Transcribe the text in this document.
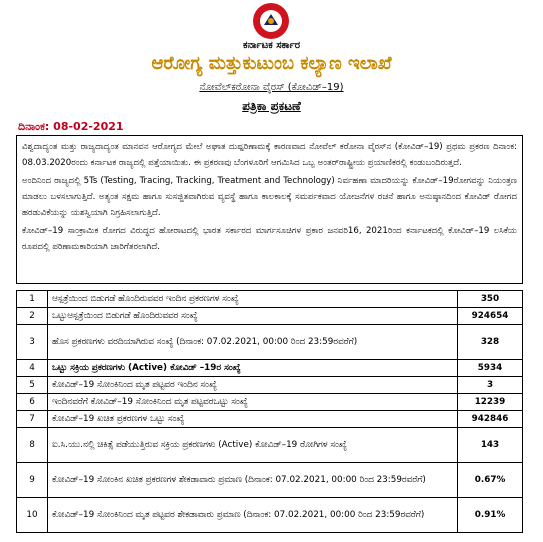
ಕರ್ನಾಟಕ ಸರ್ಕಾರ
ಆರೋಗ್ಯ ಮತ್ತುಕುಟುಂಬ ಕಲ್ಯಾಣ ಇಲಾಖೆ
ನೋವೆಲ್‌ಕರೋನಾ ವೈರಸ್ (ಕೋವಿಡ್–19)
ಪತ್ರಿಕಾ ಪ್ರಕಟಣೆ
ದಿನಾಂಕ: 08-02-2021

ವಿಶ್ವದಾದ್ಯಂತ ಮತ್ತು ರಾಜ್ಯದಾದ್ಯಂತ ಮಾನವನ ಆರೋಗ್ಯದ ಮೇಲೆ ಅಘಾತ ದುಷ್ಪರಿಣಾಮಕ್ಕೆ ಕಾರಣವಾದ ನೋವೆಲ್ ಕರೋನಾ ವೈರಸ್‌ನ (ಕೋವಿಡ್–19) ಪ್ರಥಮ ಪ್ರಕರಣ ದಿನಾಂಕ: 08.03.2020ರಂದು ಕರ್ನಾಟಕ ರಾಜ್ಯದಲ್ಲಿ ಪತ್ತೆಯಾಯಿತು. ಈ ಪ್ರಕರಣವು ಬೆಂಗಳೂರಿಗೆ ಆಗಮಿಸಿದ ಒಬ್ಬ ಅಂತರ್‌ರಾಷ್ಟ್ರೀಯ ಪ್ರಯಾಣಿಕರಲ್ಲಿ ಕಂಡುಬಂದಿರುತ್ತದೆ.

ಅಂದಿನಿಂದ ರಾಜ್ಯದಲ್ಲಿ 5Ts (Testing, Tracing, Tracking, Treatment and Technology) ನಿರ್ವಹಣಾ ಮಾದರಿಯನ್ನು ಕೋವಿಡ್–19ರೋಗವನ್ನು ನಿಯಂತ್ರಣ ಮಾಡಲು ಬಳಸಲಾಗುತ್ತಿದೆ. ಅತ್ಯಂತ ಸಕ್ಷಮ ಹಾಗೂ ಸುಸಜ್ಜಿತವಾಗಿರುವ ವ್ಯವಸ್ಥೆ ಹಾಗೂ ಕಾಲಕಾಲಕ್ಕೆ ಸಮರ್ಪಕವಾದ ಯೋಜನೆಗಳ ರಚನೆ ಹಾಗೂ ಅನುಷ್ಠಾನದಿಂದ ಕೋವಿಡ್ ರೋಗದ ಹರಡುವಿಕೆಯನ್ನು ಯಶಸ್ವಿಯಾಗಿ ನಿಗ್ರಹಿಸಲಾಗುತ್ತಿದೆ.

ಕೋವಿಡ್–19 ಸಾಂಕ್ರಾಮಿಕ ರೋಗದ ವಿರುದ್ಧದ ಹೋರಾಟದಲ್ಲಿ ಭಾರತ ಸರ್ಕಾರದ ಮಾರ್ಗಸೂಚಿಗಳ ಪ್ರಕಾರ ಜನವರಿ16, 2021ರಿಂದ ಕರ್ನಾಟಕದಲ್ಲಿ ಕೋವಿಡ್–19 ಲಸಿಕೆಯ ರೂಪದಲ್ಲಿ ಪರಿಣಾಮಕಾರಿಯಾಗಿ ಜಾರಿಗೆತರಲಾಗಿದೆ.

1	ಆಸ್ಪತ್ರೆಯಿಂದ ಬಿಡುಗಡೆ ಹೊಂದಿರುವವರ ಇಂದಿನ ಪ್ರಕರಣಗಳ ಸಂಖ್ಯೆ	350
2	ಒಟ್ಟುಆಸ್ಪತ್ರೆಯಿಂದ ಬಿಡುಗಡೆ ಹೊಂದಿರುವವರ ಸಂಖ್ಯೆ	924654
3	ಹೊಸ ಪ್ರಕರಣಗಳು ವರದಿಯಾಗಿರುವ ಸಂಖ್ಯೆ (ದಿನಾಂಕ: 07.02.2021, 00:00 ರಿಂದ 23:59ರವರೆಗೆ)	328
4	ಒಟ್ಟು ಸಕ್ರಿಯ ಪ್ರಕರಣಗಳು (Active) ಕೋವಿಡ್ –19ರ ಸಂಖ್ಯೆ	5934
5	ಕೋವಿಡ್–19 ಸೋಂಕಿನಿಂದ ಮೃತ ಪಟ್ಟವರ ಇಂದಿನ ಸಂಖ್ಯೆ	3
6	ಇಂದಿನವರೆಗೆ ಕೋವಿಡ್–19 ಸೋಂಕಿನಿಂದ ಮೃತ ಪಟ್ಟವರಒಟ್ಟು ಸಂಖ್ಯೆ	12239
7	ಕೋವಿಡ್–19 ಖಚಿತ ಪ್ರಕರಣಗಳ ಒಟ್ಟು ಸಂಖ್ಯೆ	942846
8	ಐ.ಸಿ.ಯು.ನಲ್ಲಿ ಚಿಕಿತ್ಸೆ ಪಡೆಯುತ್ತಿರುವ ಸಕ್ರಿಯ ಪ್ರಕರಣಗಳು (Active) ಕೋವಿಡ್–19 ರೋಗಿಗಳ ಸಂಖ್ಯೆ	143
9	ಕೋವಿಡ್–19 ಸೋಂಕಿನ ಖಚಿತ ಪ್ರಕರಣಗಳ ಶೇಕಡಾವಾರು ಪ್ರಮಾಣ (ದಿನಾಂಕ: 07.02.2021, 00:00 ರಿಂದ 23:59ರವರೆಗೆ)	0.67%
10	ಕೋವಿಡ್–19 ಸೋಂಕಿನಿಂದ ಮೃತ ಪಟ್ಟವರ ಶೇಕಡಾವಾರು ಪ್ರಮಾಣ (ದಿನಾಂಕ: 07.02.2021, 00:00 ರಿಂದ 23:59ರವರೆಗೆ)	0.91%
